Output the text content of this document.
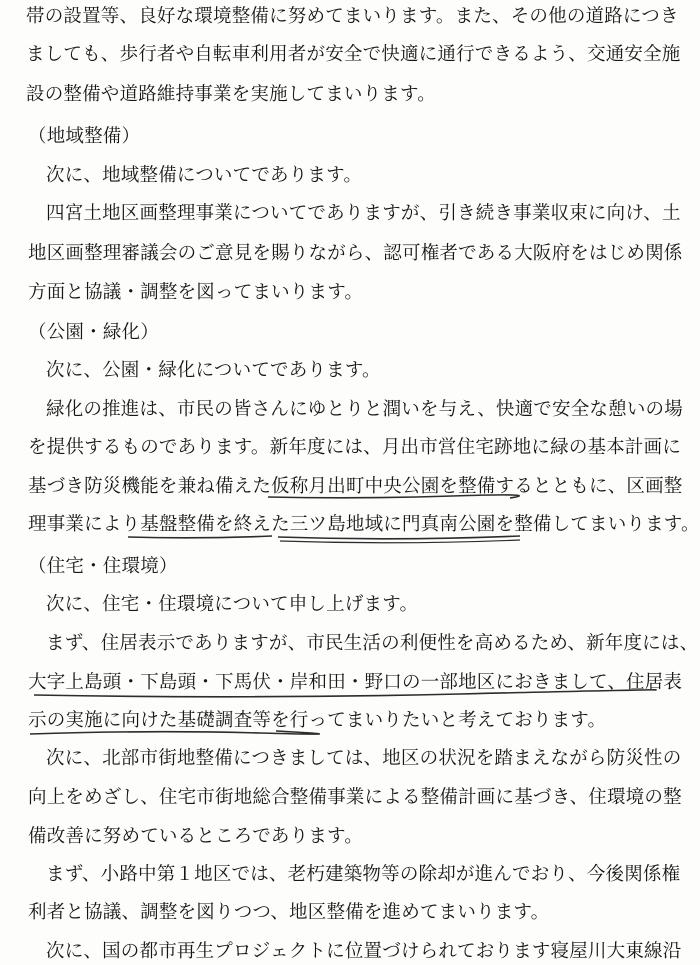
帯の設置等、良好な環境整備に努めてまいります。また、その他の道路につき
ましても、歩行者や自転車利用者が安全で快適に通行できるよう、交通安全施
設の整備や道路維持事業を実施してまいります。
（地域整備）
次に、地域整備についてであります。
四宮土地区画整理事業についてでありますが、引き続き事業収束に向け、土
地区画整理審議会のご意見を賜りながら、認可権者である大阪府をはじめ関係
方面と協議・調整を図ってまいります。
（公園・緑化）
次に、公園・緑化についてであります。
緑化の推進は、市民の皆さんにゆとりと潤いを与え、快適で安全な憩いの場
を提供するものであります。新年度には、月出市営住宅跡地に緑の基本計画に
基づき防災機能を兼ね備えた仮称月出町中央公園を整備するとともに、区画整
理事業により基盤整備を終えた三ツ島地域に門真南公園を整備してまいります。
（住宅・住環境）
次に、住宅・住環境について申し上げます。
まず、住居表示でありますが、市民生活の利便性を高めるため、新年度には、
大字上島頭・下島頭・下馬伏・岸和田・野口の一部地区におきまして、住居表
示の実施に向けた基礎調査等を行ってまいりたいと考えております。
次に、北部市街地整備につきましては、地区の状況を踏まえながら防災性の
向上をめざし、住宅市街地総合整備事業による整備計画に基づき、住環境の整
備改善に努めているところであります。
まず、小路中第１地区では、老朽建築物等の除却が進んでおり、今後関係権
利者と協議、調整を図りつつ、地区整備を進めてまいります。
次に、国の都市再生プロジェクトに位置づけられております寝屋川大東線沿
